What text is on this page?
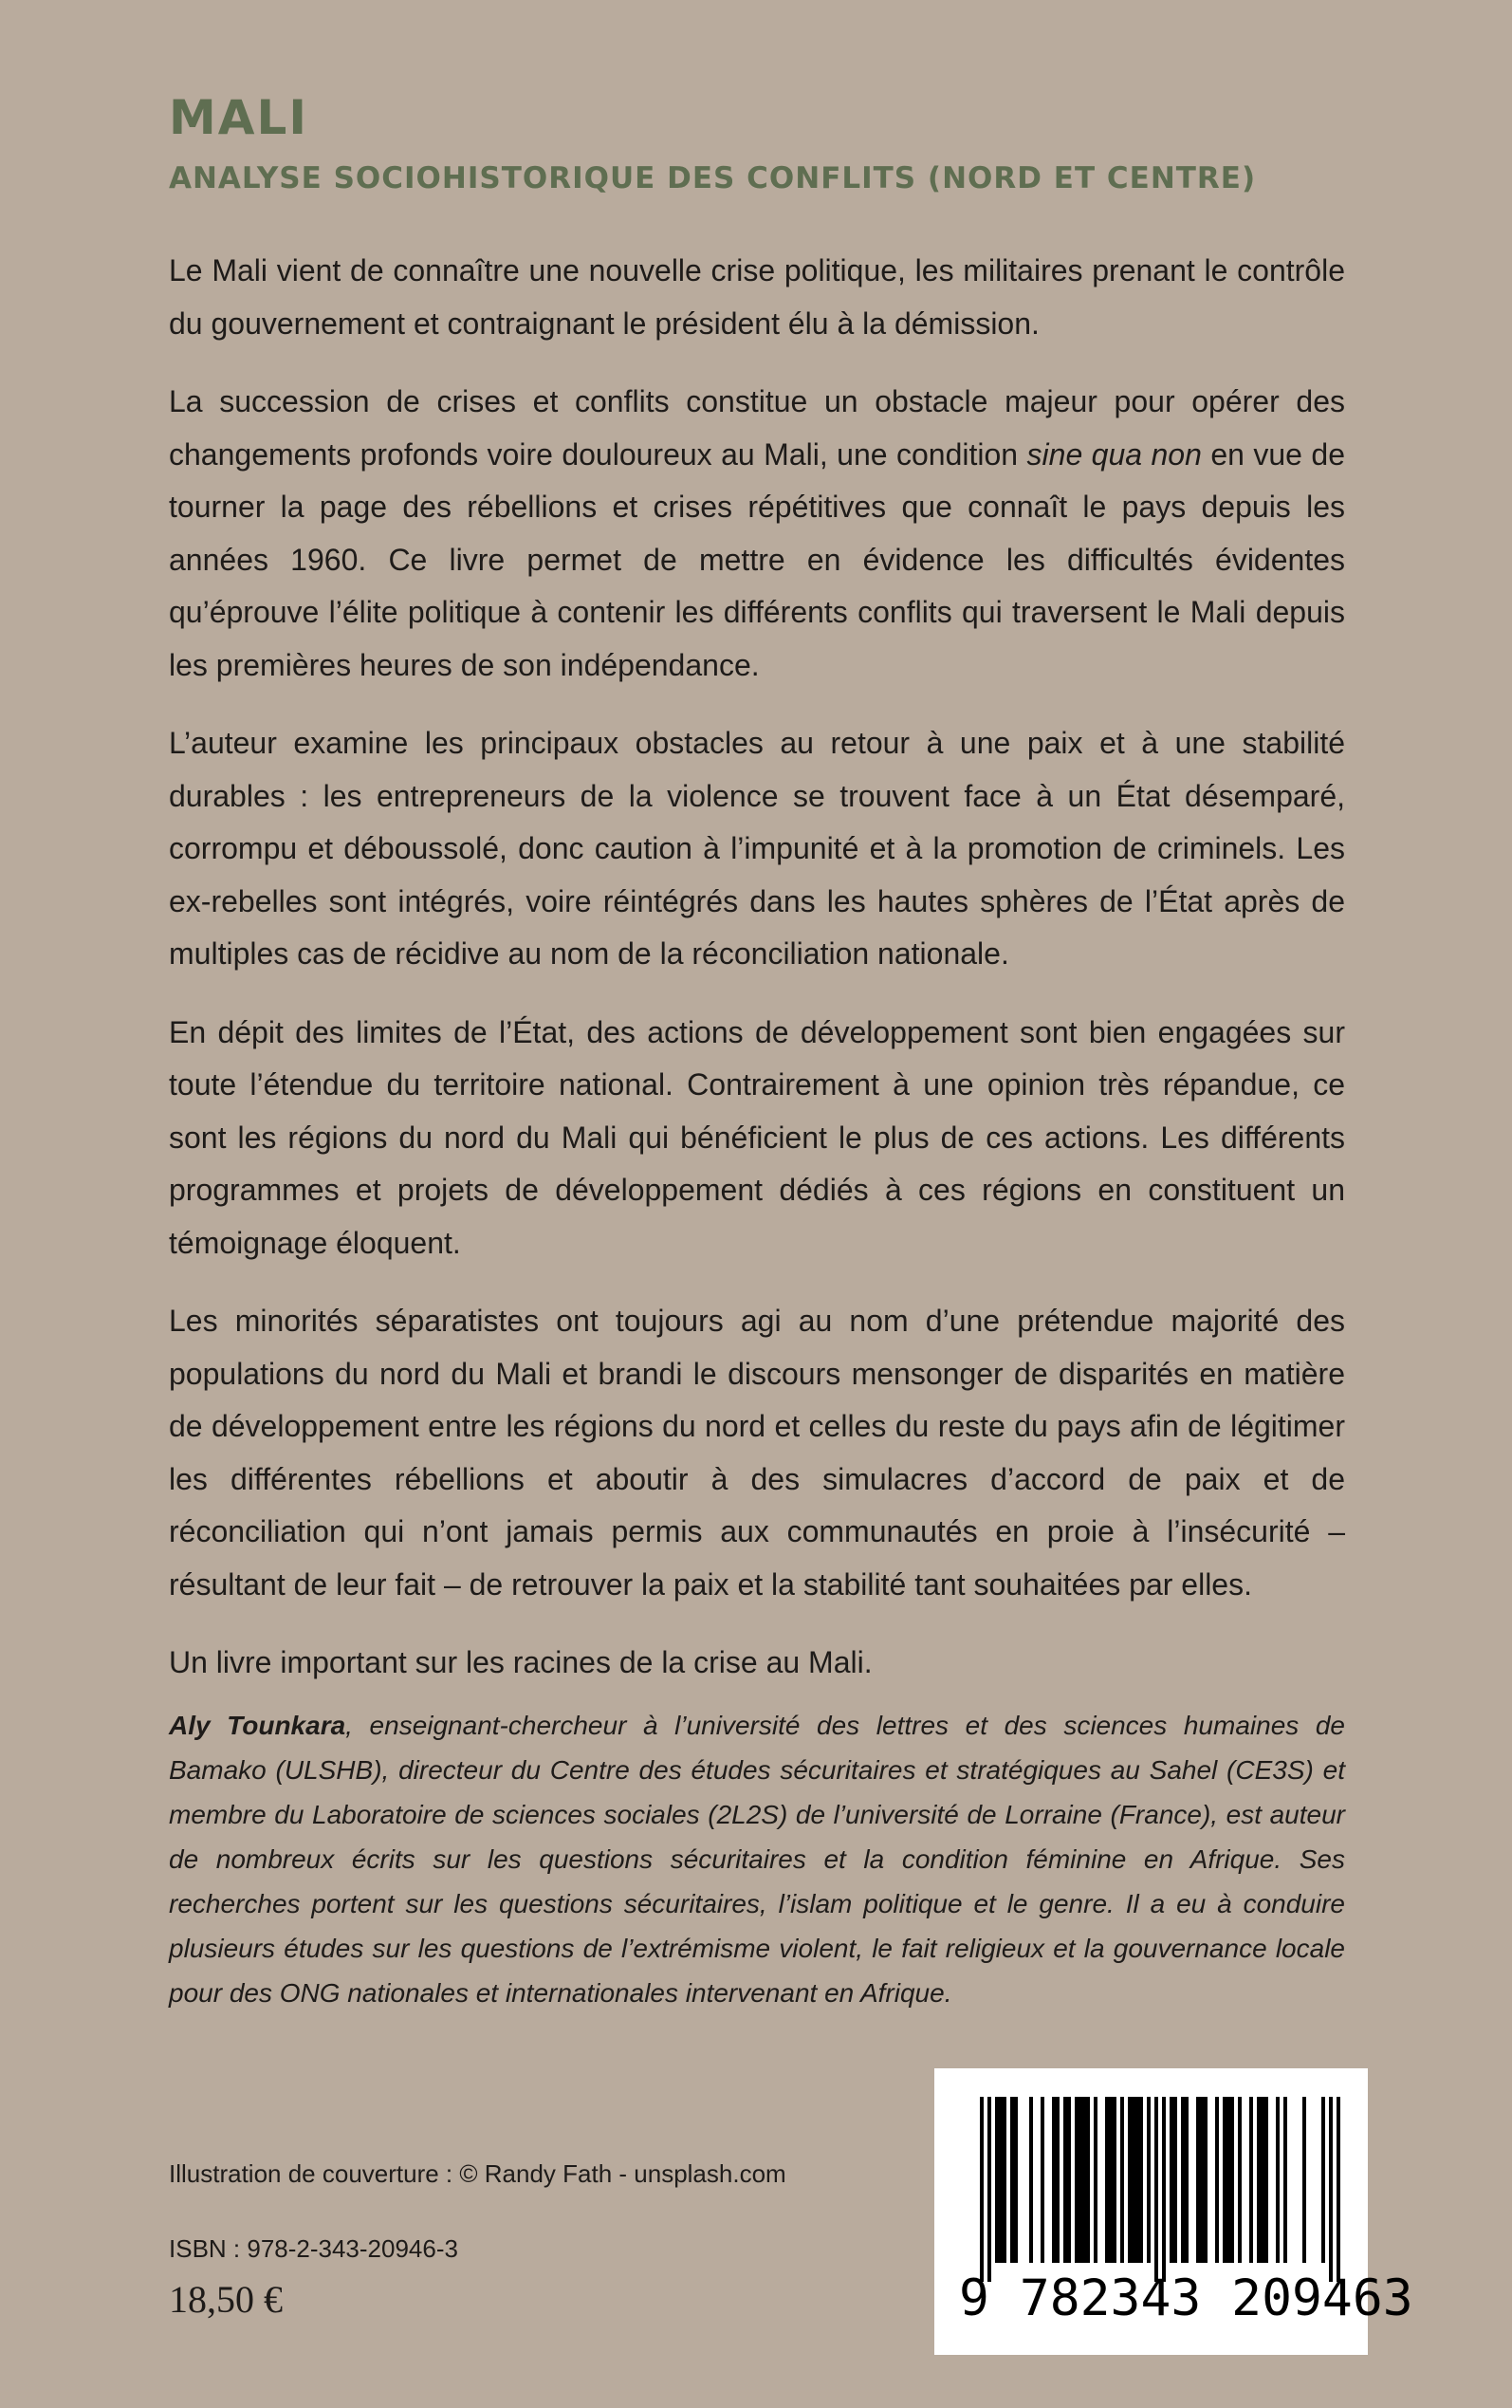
MALI
ANALYSE SOCIOHISTORIQUE DES CONFLITS (NORD ET CENTRE)

Le Mali vient de connaître une nouvelle crise politique, les militaires prenant le contrôle du gouvernement et contraignant le président élu à la démission.

La succession de crises et conflits constitue un obstacle majeur pour opérer des changements profonds voire douloureux au Mali, une condition sine qua non en vue de tourner la page des rébellions et crises répétitives que connaît le pays depuis les années 1960. Ce livre permet de mettre en évidence les difficultés évidentes qu’éprouve l’élite politique à contenir les différents conflits qui traversent le Mali depuis les premières heures de son indépendance.

L’auteur examine les principaux obstacles au retour à une paix et à une stabilité durables : les entrepreneurs de la violence se trouvent face à un État désemparé, corrompu et déboussolé, donc caution à l’impunité et à la promotion de criminels. Les ex-rebelles sont intégrés, voire réintégrés dans les hautes sphères de l’État après de multiples cas de récidive au nom de la réconciliation nationale.

En dépit des limites de l’État, des actions de développement sont bien engagées sur toute l’étendue du territoire national. Contrairement à une opinion très répandue, ce sont les régions du nord du Mali qui bénéficient le plus de ces actions. Les différents programmes et projets de développement dédiés à ces régions en constituent un témoignage éloquent.

Les minorités séparatistes ont toujours agi au nom d’une prétendue majorité des populations du nord du Mali et brandi le discours mensonger de disparités en matière de développement entre les régions du nord et celles du reste du pays afin de légitimer les différentes rébellions et aboutir à des simulacres d’accord de paix et de réconciliation qui n’ont jamais permis aux communautés en proie à l’insécurité – résultant de leur fait – de retrouver la paix et la stabilité tant souhaitées par elles.

Un livre important sur les racines de la crise au Mali.

Aly Tounkara, enseignant-chercheur à l’université des lettres et des sciences humaines de Bamako (ULSHB), directeur du Centre des études sécuritaires et stratégiques au Sahel (CE3S) et membre du Laboratoire de sciences sociales (2L2S) de l’université de Lorraine (France), est auteur de nombreux écrits sur les questions sécuritaires et la condition féminine en Afrique. Ses recherches portent sur les questions sécuritaires, l’islam politique et le genre. Il a eu à conduire plusieurs études sur les questions de l’extrémisme violent, le fait religieux et la gouvernance locale pour des ONG nationales et internationales intervenant en Afrique.

Illustration de couverture : © Randy Fath - unsplash.com

ISBN : 978-2-343-20946-3

18,50 €	9 782343 209463
